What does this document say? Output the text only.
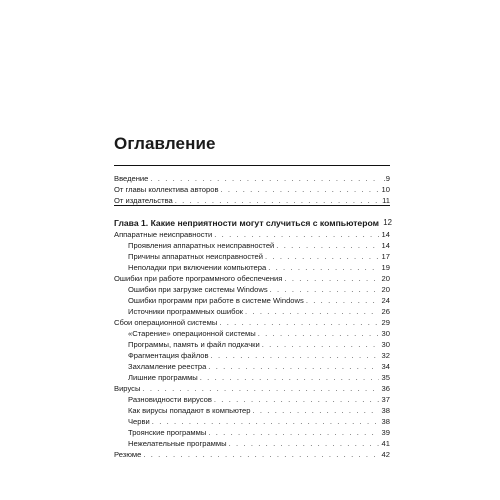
Оглавление
Введение . . .	.9
От главы коллектива авторов . . .	10
От издательства . . .	11
Глава 1. Какие неприятности могут случиться с компьютером 12
Аппаратные неисправности . . .	14
Проявления аппаратных неисправностей . . .	14
Причины аппаратных неисправностей . . .	17
Неполадки при включении компьютера . . .	19
Ошибки при работе программного обеспечения . . .	20
Ошибки при загрузке системы Windows . . .	20
Ошибки программ при работе в системе Windows . . .	24
Источники программных ошибок . . .	26
Сбои операционной системы . . .	29
«Старение» операционной системы . . .	30
Программы, память и файл подкачки . . .	30
Фрагментация файлов . . .	32
Захламление реестра . . .	34
Лишние программы . . .	35
Вирусы . . .	36
Разновидности вирусов . . .	37
Как вирусы попадают в компьютер . . .	38
Черви . . .	38
Троянские программы . . .	39
Нежелательные программы . . .	41
Резюме . . .	42
